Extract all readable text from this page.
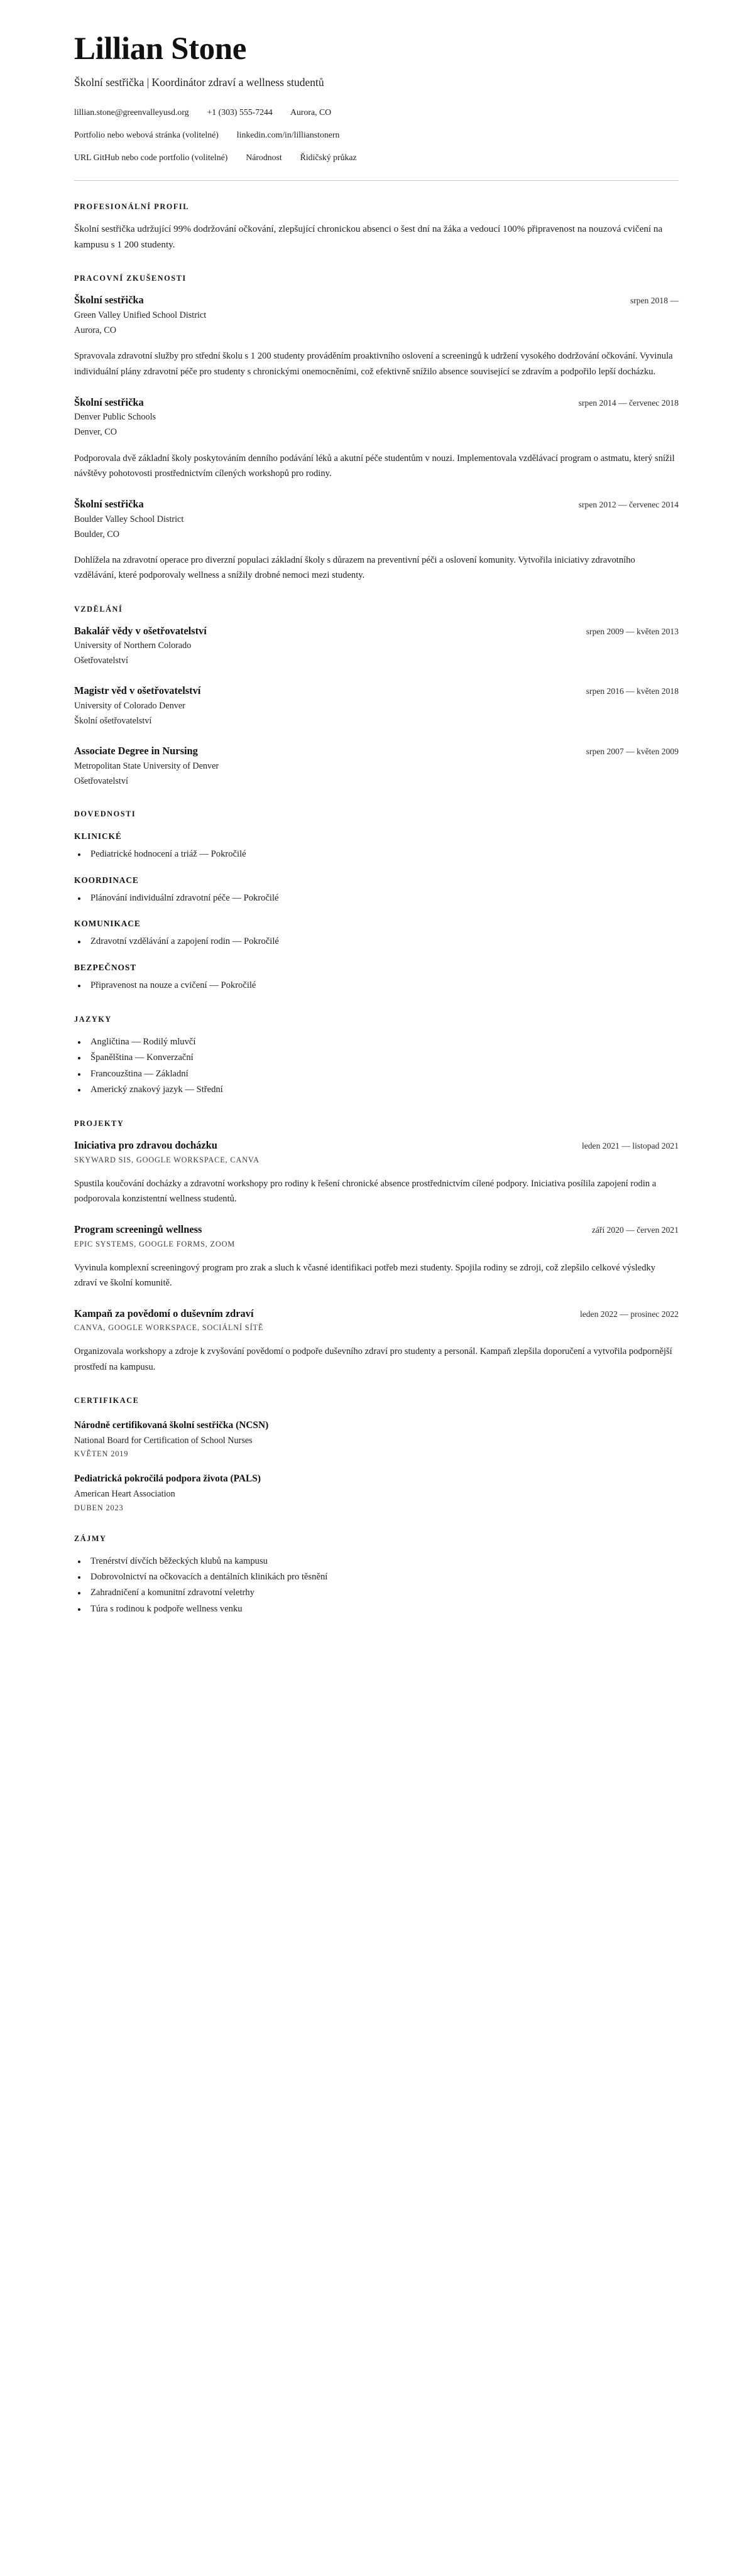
Lillian Stone
Školní sestřička | Koordinátor zdraví a wellness studentů
lillian.stone@greenvalleyusd.org +1 (303) 555-7244 Aurora, CO
Portfolio nebo webová stránka (volitelné) linkedin.com/in/lillianstonern
URL GitHub nebo code portfolio (volitelné) Národnost Řidičský průkaz
PROFESIONÁLNÍ PROFIL

Školní sestřička udržující 99% dodržování očkování, zlepšující chronickou absenci o šest dní na žáka a vedoucí 100% připravenost na nouzová cvičení na kampusu s 1 200 studenty.

PRACOVNÍ ZKUŠENOSTI
Školní sestřička	srpen 2018 —
Green Valley Unified School District
Aurora, CO

Spravovala zdravotní služby pro střední školu s 1 200 studenty prováděním proaktivního oslovení a screeningů k udržení vysokého dodržování očkování. Vyvinula individuální plány zdravotní péče pro studenty s chronickými onemocněními, což efektivně snížilo absence související se zdravím a podpořilo lepší docházku.

Školní sestřička	srpen 2014 — červenec 2018
Denver Public Schools
Denver, CO

Podporovala dvě základní školy poskytováním denního podávání léků a akutní péče studentům v nouzi. Implementovala vzdělávací program o astmatu, který snížil návštěvy pohotovosti prostřednictvím cílených workshopů pro rodiny.

Školní sestřička	srpen 2012 — červenec 2014
Boulder Valley School District
Boulder, CO

Dohlížela na zdravotní operace pro diverzní populaci základní školy s důrazem na preventivní péči a oslovení komunity. Vytvořila iniciativy zdravotního vzdělávání, které podporovaly wellness a snížily drobné nemoci mezi studenty.

VZDĚLÁNÍ
Bakalář vědy v ošetřovatelství	srpen 2009 — květen 2013
University of Northern Colorado
Ošetřovatelství
Magistr věd v ošetřovatelství	srpen 2016 — květen 2018
University of Colorado Denver
Školní ošetřovatelství
Associate Degree in Nursing	srpen 2007 — květen 2009
Metropolitan State University of Denver
Ošetřovatelství
DOVEDNOSTI
KLINICKÉ
Pediatrické hodnocení a triáž — Pokročilé
KOORDINACE
Plánování individuální zdravotní péče — Pokročilé
KOMUNIKACE
Zdravotní vzdělávání a zapojení rodin — Pokročilé
BEZPEČNOST
Připravenost na nouze a cvičení — Pokročilé
JAZYKY
Angličtina — Rodilý mluvčí
Španělština — Konverzační
Francouzština — Základní
Americký znakový jazyk — Střední
PROJEKTY
Iniciativa pro zdravou docházku	leden 2021 — listopad 2021
SKYWARD SIS, GOOGLE WORKSPACE, CANVA

Spustila koučování docházky a zdravotní workshopy pro rodiny k řešení chronické absence prostřednictvím cílené podpory. Iniciativa posílila zapojení rodin a podporovala konzistentní wellness studentů.

Program screeningů wellness	září 2020 — červen 2021
EPIC SYSTEMS, GOOGLE FORMS, ZOOM

Vyvinula komplexní screeningový program pro zrak a sluch k včasné identifikaci potřeb mezi studenty. Spojila rodiny se zdroji, což zlepšilo celkové výsledky zdraví ve školní komunitě.

Kampaň za povědomí o duševním zdraví	leden 2022 — prosinec 2022
CANVA, GOOGLE WORKSPACE, SOCIÁLNÍ SÍTĚ

Organizovala workshopy a zdroje k zvyšování povědomí o podpoře duševního zdraví pro studenty a personál. Kampaň zlepšila doporučení a vytvořila podpornější prostředí na kampusu.

CERTIFIKACE
Národně certifikovaná školní sestřička (NCSN)
National Board for Certification of School Nurses
KVĚTEN 2019
Pediatrická pokročilá podpora života (PALS)
American Heart Association
DUBEN 2023
ZÁJMY
Trenérství dívčích běžeckých klubů na kampusu
Dobrovolnictví na očkovacích a dentálních klinikách pro těsnění
Zahradničení a komunitní zdravotní veletrhy
Túra s rodinou k podpoře wellness venku
